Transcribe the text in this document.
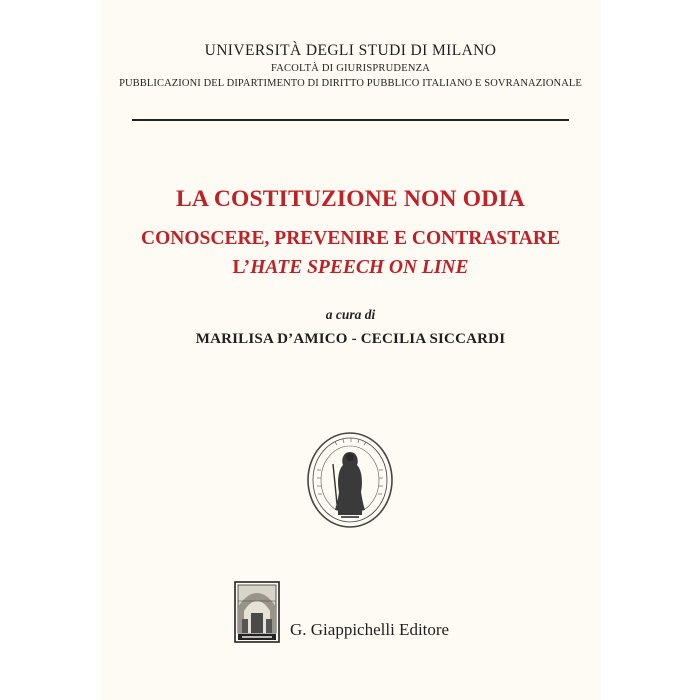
UNIVERSITÀ DEGLI STUDI DI MILANO
FACOLTÀ DI GIURISPRUDENZA
PUBBLICAZIONI DEL DIPARTIMENTO DI DIRITTO PUBBLICO ITALIANO E SOVRANAZIONALE
LA COSTITUZIONE NON ODIA
CONOSCERE, PREVENIRE E CONTRASTARE
L’HATE SPEECH ON LINE
a cura di
MARILISA D’AMICO - CECILIA SICCARDI
G. Giappichelli Editore
